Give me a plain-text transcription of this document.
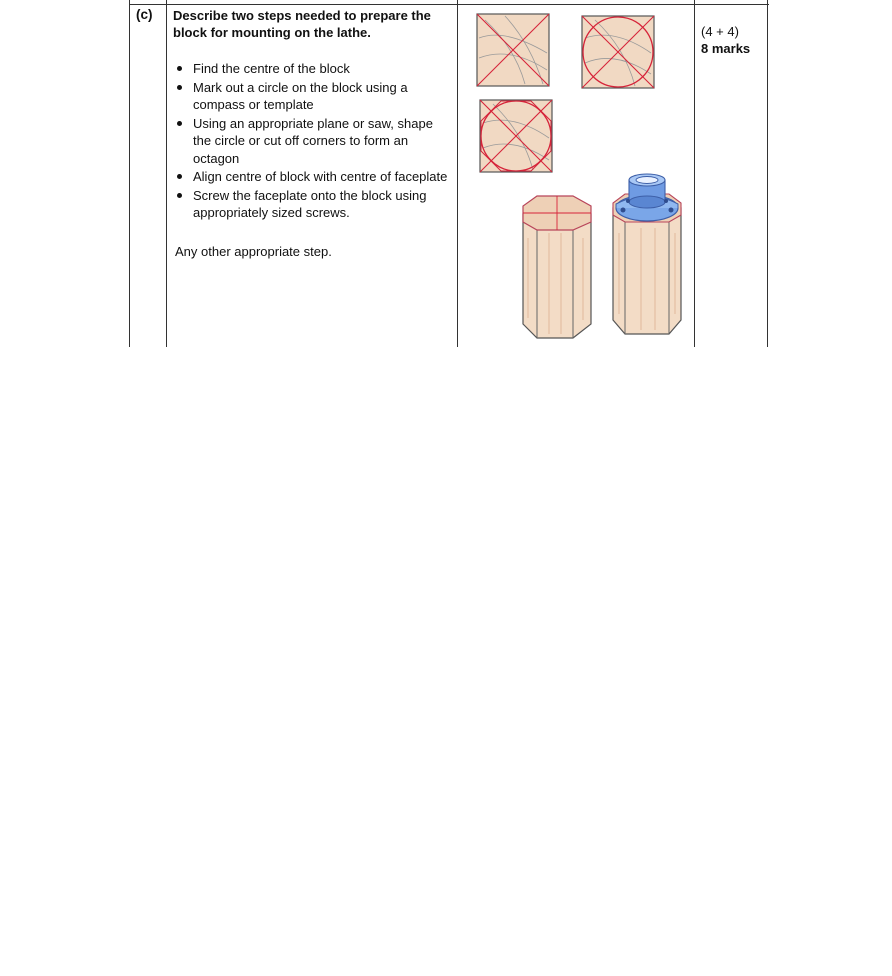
(c) Describe two steps needed to prepare the block for mounting on the lathe.
Find the centre of the block
Mark out a circle on the block using a compass or template
Using an appropriate plane or saw, shape the circle or cut off corners to form an octagon
Align centre of block with centre of faceplate
Screw the faceplate onto the block using appropriately sized screws.
Any other appropriate step.
(4 + 4)
8 marks
